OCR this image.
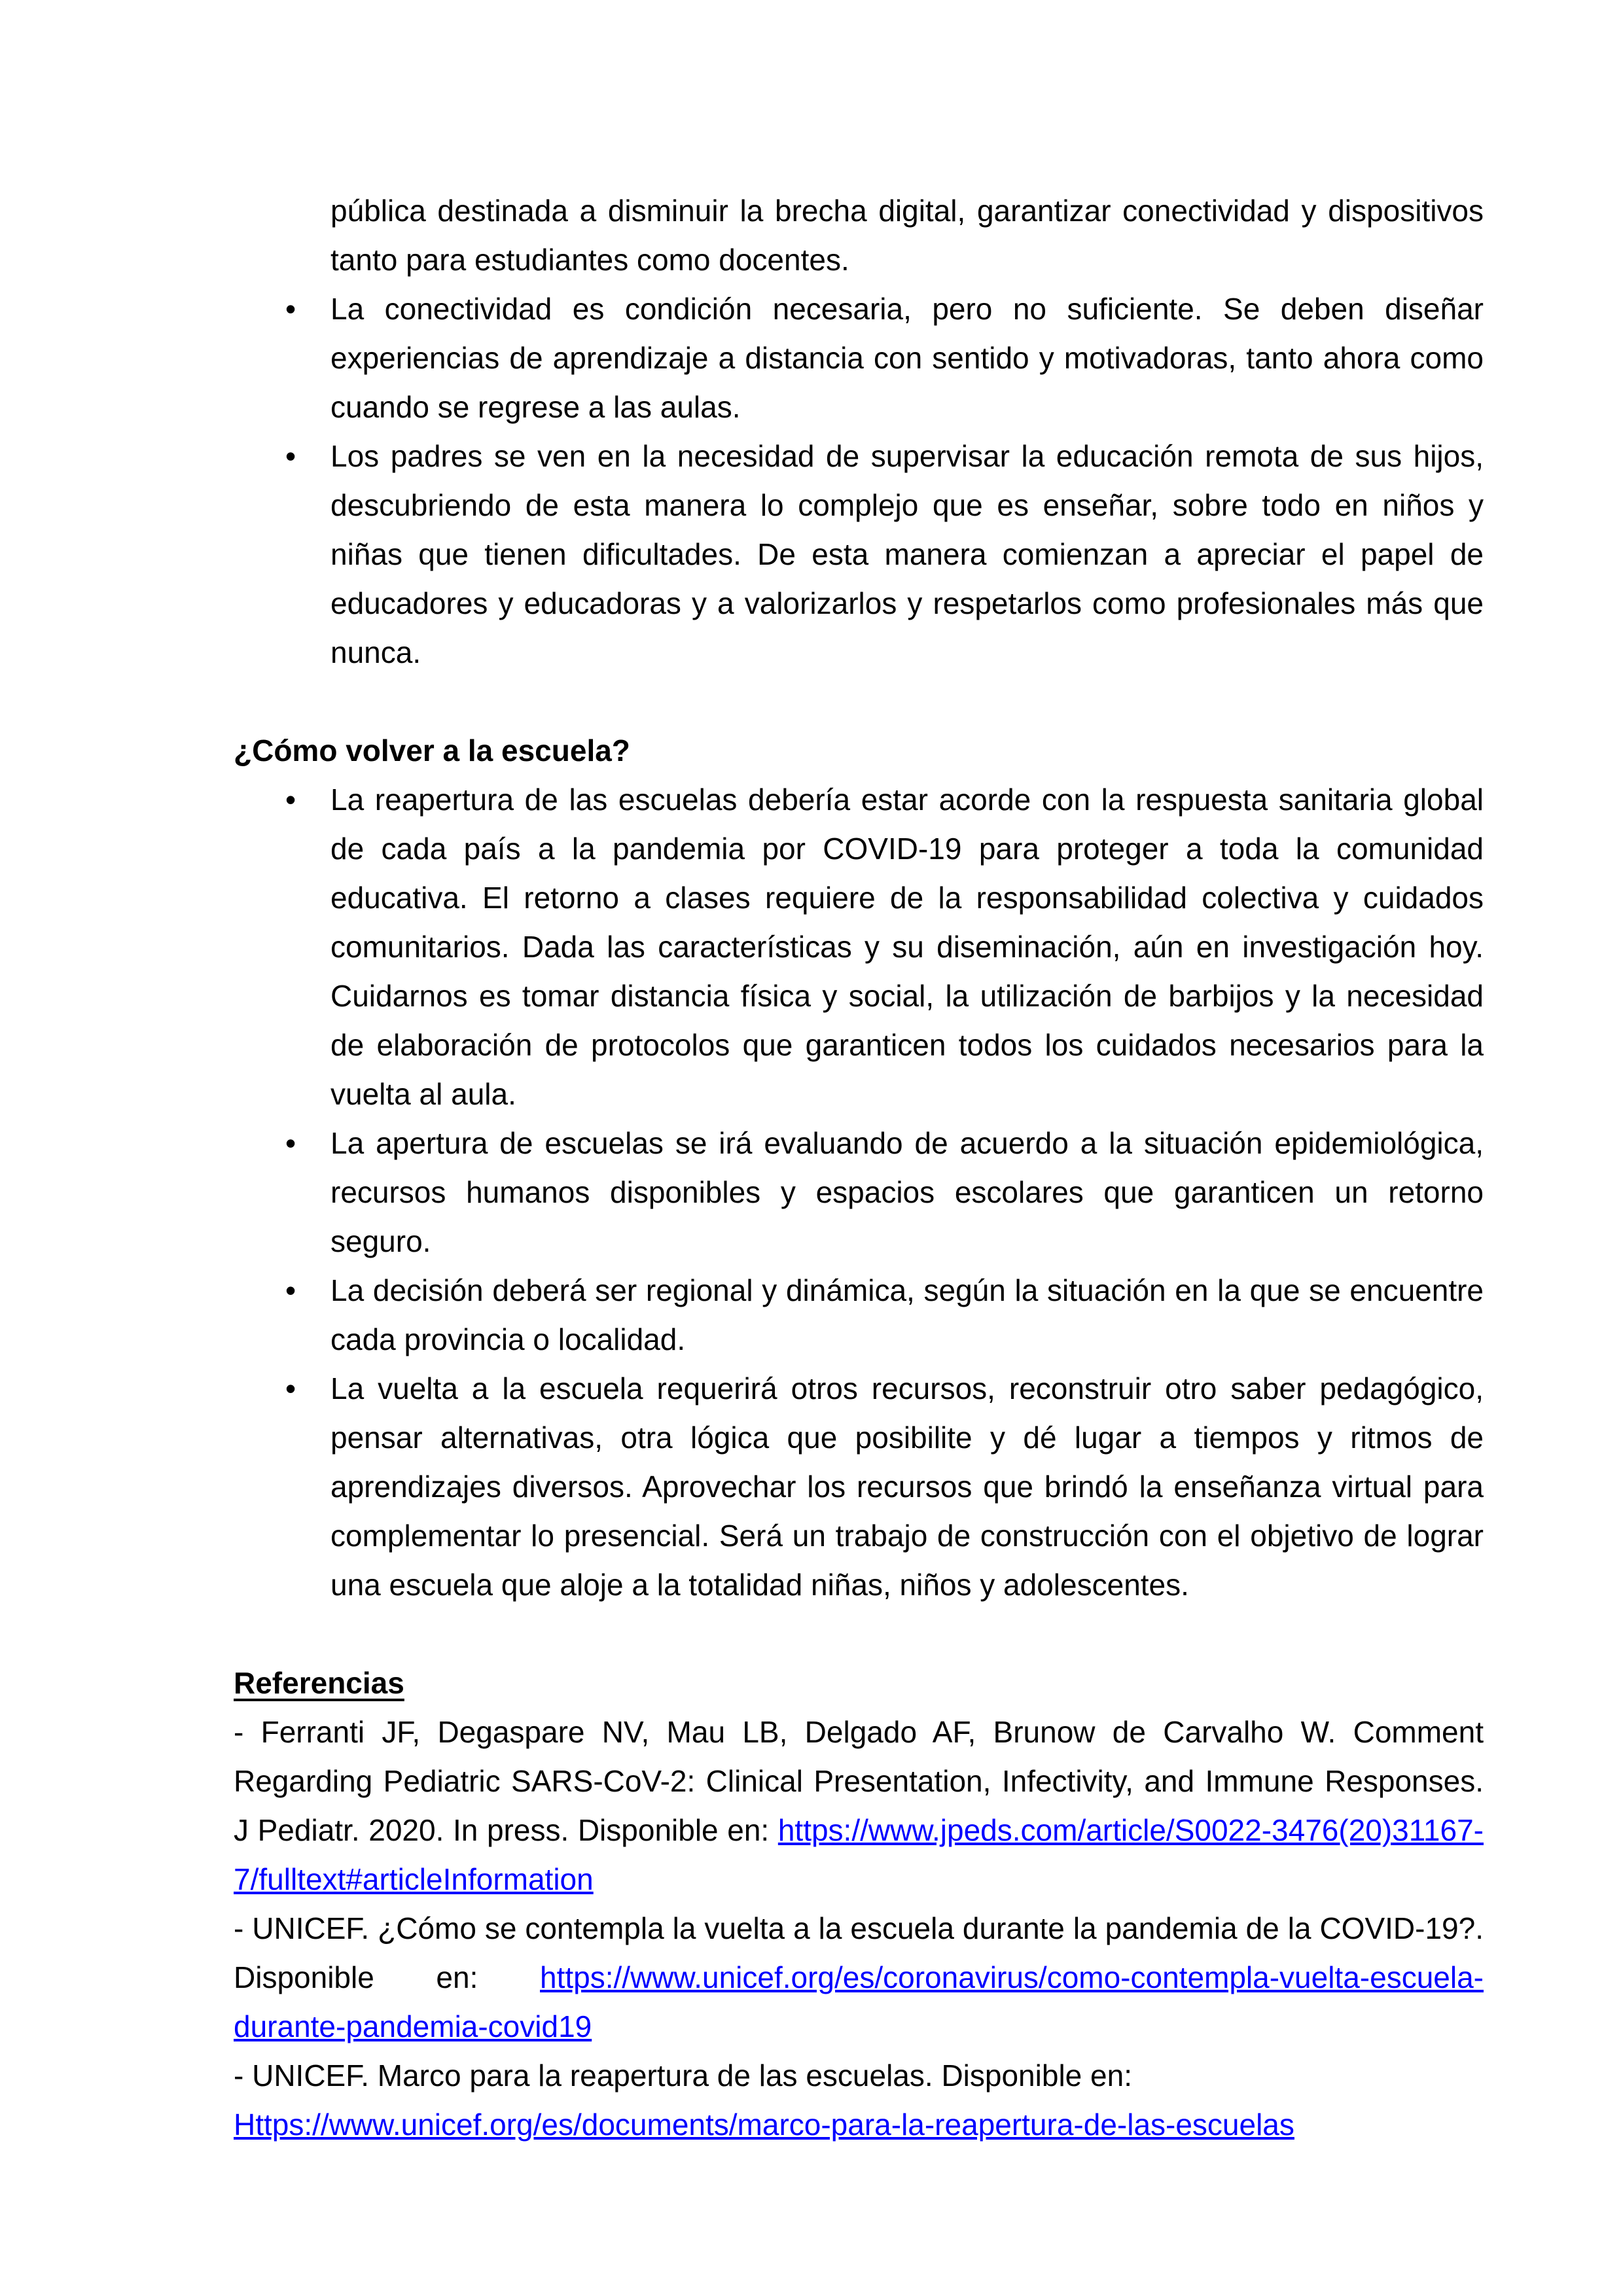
pública destinada a disminuir la brecha digital, garantizar conectividad y dispositivos tanto para estudiantes como docentes.
• La conectividad es condición necesaria, pero no suficiente. Se deben diseñar experiencias de aprendizaje a distancia con sentido y motivadoras, tanto ahora como cuando se regrese a las aulas.
• Los padres se ven en la necesidad de supervisar la educación remota de sus hijos, descubriendo de esta manera lo complejo que es enseñar, sobre todo en niños y niñas que tienen dificultades. De esta manera comienzan a apreciar el papel de educadores y educadoras y a valorizarlos y respetarlos como profesionales más que nunca.
¿Cómo volver a la escuela?
• La reapertura de las escuelas debería estar acorde con la respuesta sanitaria global de cada país a la pandemia por COVID-19 para proteger a toda la comunidad educativa. El retorno a clases requiere de la responsabilidad colectiva y cuidados comunitarios. Dada las características y su diseminación, aún en investigación hoy. Cuidarnos es tomar distancia física y social, la utilización de barbijos y la necesidad de elaboración de protocolos que garanticen todos los cuidados necesarios para la vuelta al aula.
• La apertura de escuelas se irá evaluando de acuerdo a la situación epidemiológica, recursos humanos disponibles y espacios escolares que garanticen un retorno seguro.
• La decisión deberá ser regional y dinámica, según la situación en la que se encuentre cada provincia o localidad.
• La vuelta a la escuela requerirá otros recursos, reconstruir otro saber pedagógico, pensar alternativas, otra lógica que posibilite y dé lugar a tiempos y ritmos de aprendizajes diversos. Aprovechar los recursos que brindó la enseñanza virtual para complementar lo presencial. Será un trabajo de construcción con el objetivo de lograr una escuela que aloje a la totalidad niñas, niños y adolescentes.
Referencias

- Ferranti JF, Degaspare NV, Mau LB, Delgado AF, Brunow de Carvalho W. Comment Regarding Pediatric SARS-CoV-2: Clinical Presentation, Infectivity, and Immune Responses. J Pediatr. 2020. In press. Disponible en: https://www.jpeds.com/article/S0022-3476(20)31167-7/fulltext#articleInformation

- UNICEF. ¿Cómo se contempla la vuelta a la escuela durante la pandemia de la COVID-19?. Disponible en: https://www.unicef.org/es/coronavirus/como-contempla-vuelta-escuela-durante-pandemia-covid19

- UNICEF. Marco para la reapertura de las escuelas. Disponible en:
Https://www.unicef.org/es/documents/marco-para-la-reapertura-de-las-escuelas
